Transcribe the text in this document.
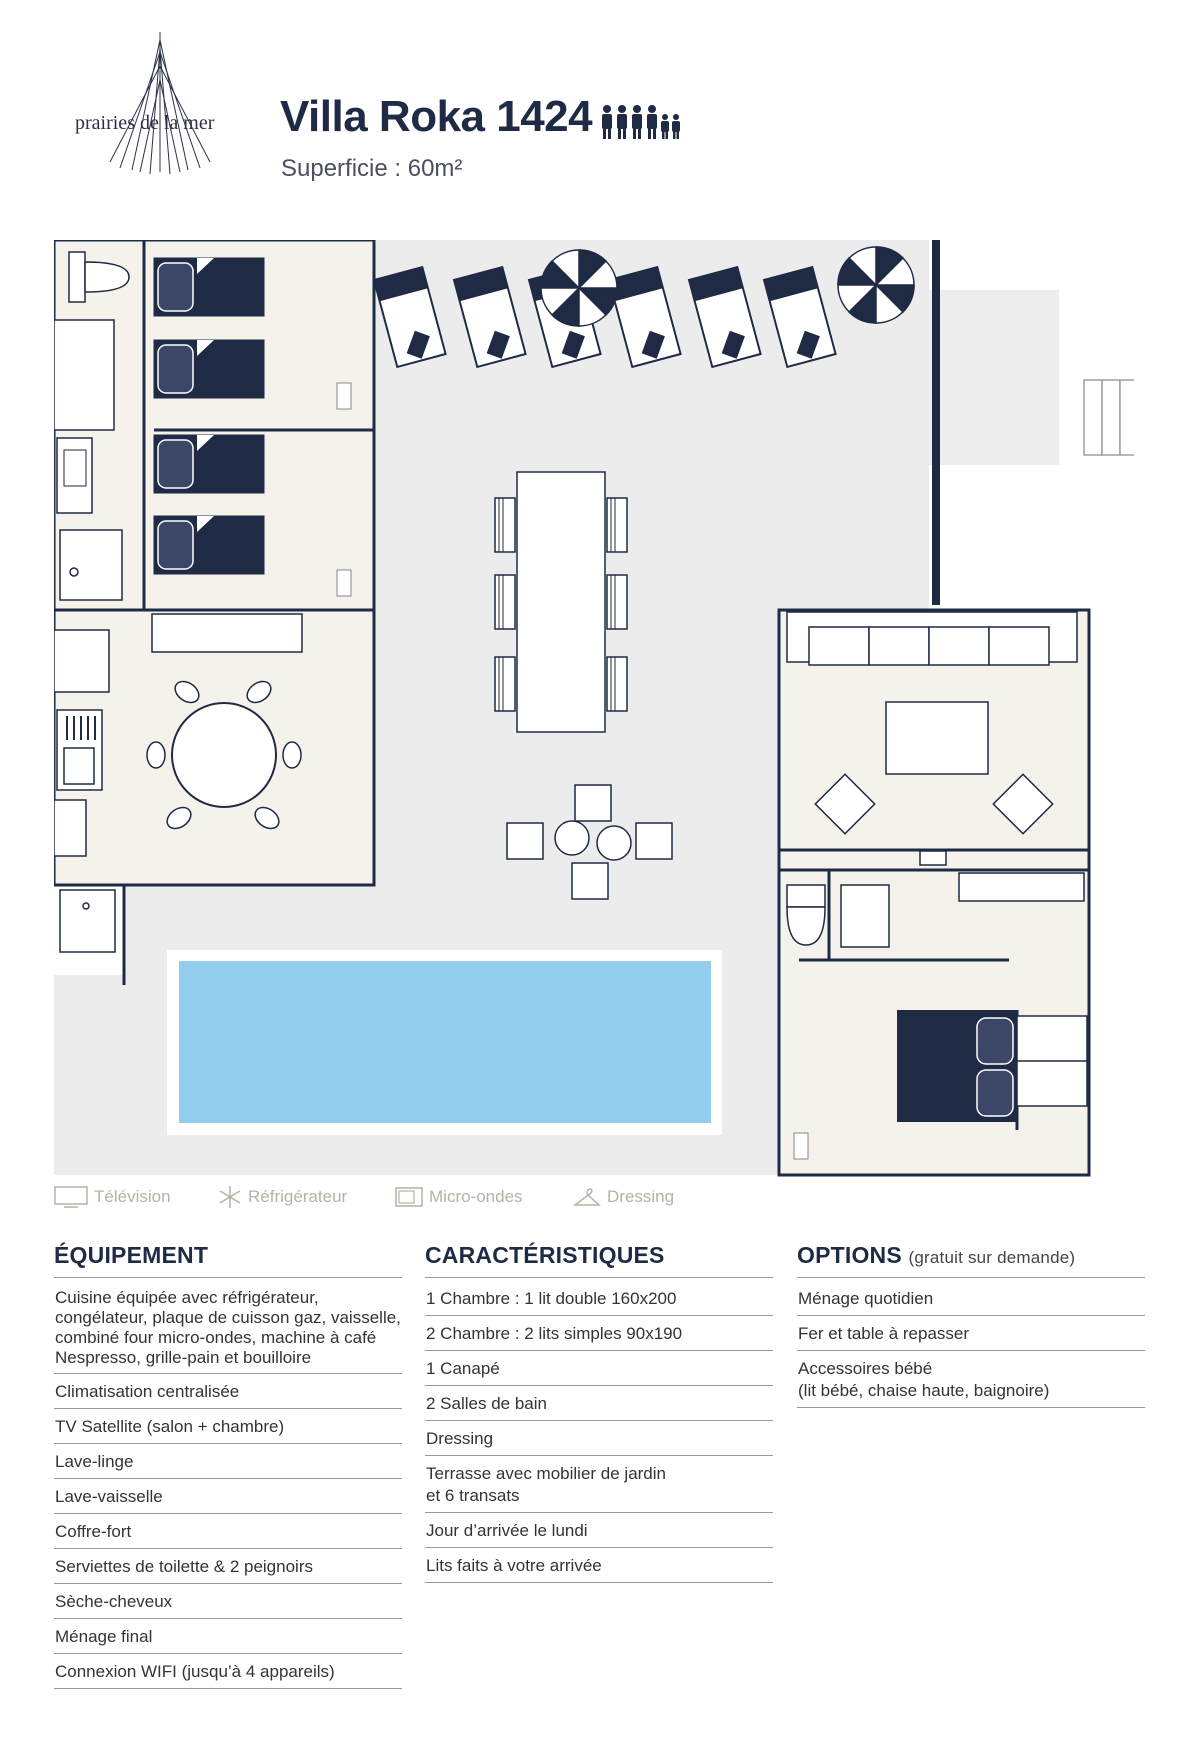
prairies de la mer Villa Roka 1424
Superficie : 60m²
Télévision	Réfrigérateur	Micro-ondes	Dressing
ÉQUIPEMENT
Cuisine équipée avec réfrigérateur,
congélateur, plaque de cuisson gaz, vaisselle,
combiné four micro-ondes, machine à café
Nespresso, grille-pain et bouilloire
Climatisation centralisée
TV Satellite (salon + chambre)
Lave-linge
Lave-vaisselle
Coffre-fort
Serviettes de toilette & 2 peignoirs
Sèche-cheveux
Ménage final
Connexion WIFI (jusqu’à 4 appareils)
CARACTÉRISTIQUES
1 Chambre : 1 lit double 160x200
2 Chambre : 2 lits simples 90x190
1 Canapé
2 Salles de bain
Dressing
Terrasse avec mobilier de jardin
et 6 transats
Jour d’arrivée le lundi
Lits faits à votre arrivée
OPTIONS (gratuit sur demande)
Ménage quotidien
Fer et table à repasser
Accessoires bébé
(lit bébé, chaise haute, baignoire)
